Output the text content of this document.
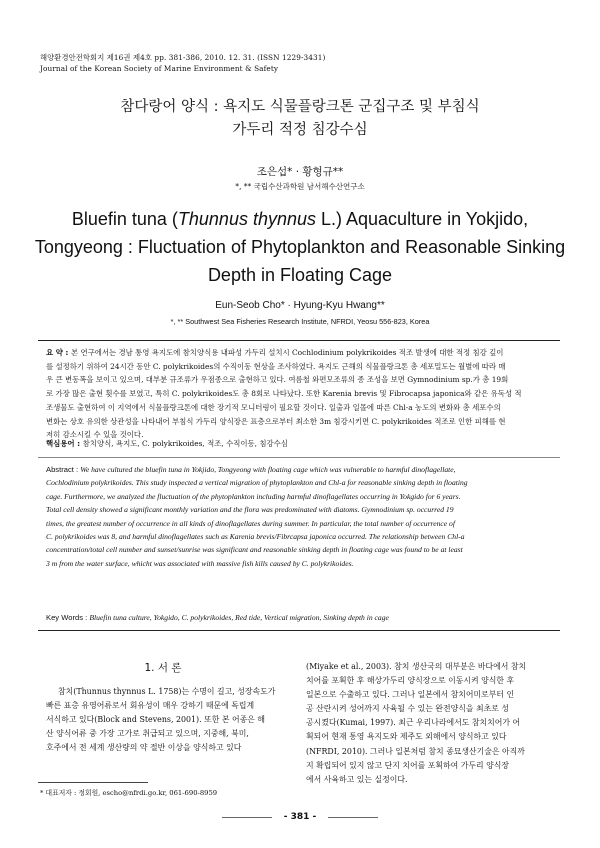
해양환경안전학회지 제16권 제4호 pp. 381-386, 2010. 12. 31. (ISSN 1229-3431)
Journal of the Korean Society of Marine Environment & Safety
참다랑어 양식 : 욕지도 식물플랑크톤 군집구조 및 부침식
가두리 적정 침강수심
조은섭* · 황형규**
*, ** 국립수산과학원 남서해수산연구소
Bluefin tuna (Thunnus thynnus L.) Aquaculture in Yokjido,
Tongyeong : Fluctuation of Phytoplankton and Reasonable Sinking
Depth in Floating Cage
Eun-Seob Cho* · Hyung-Kyu Hwang**
*, ** Southwest Sea Fisheries Research Institute, NFRDI, Yeosu 556-823, Korea
요 약 : 본 연구에서는 경남 통영 욕지도에 참치양식용 내파성 가두리 설치시 Cochlodinium polykrikoides 적조 발생에 대한 적정 침강 깊이
를 설정하기 위하여 24시간 동안 C. polykrikoides의 수직이동 현상을 조사하였다. 욕지도 근해의 식물플랑크톤 총 세포밀도는 월별에 따라 매
우 큰 변동폭을 보이고 있으며, 대부분 규조류가 우점종으로 출현하고 있다. 여름철 와편모조류의 종 조성을 보면 Gymnodinium sp.가 총 19회
로 가장 많은 출현 횟수를 보였고, 특히 C. polykrikoides도 총 8회로 나타났다. 또한 Karenia brevis 및 Fibrocapsa japonica와 같은 유독성 적
조생물도 출현하여 이 지역에서 식물플랑크톤에 대한 장기적 모니터링이 필요할 것이다. 일출과 일몰에 따른 Chl-a 농도의 변화와 총 세포수의
변화는 상호 유의한 상관성을 나타내어 부침식 가두리 양식장은 표층으로부터 최소한 3m 침강시키면 C. polykrikoides 적조로 인한 피해를 현
저히 감소시킬 수 있을 것이다.
핵심용어 : 참치양식, 욕지도, C. polykrikoides, 적조, 수직이동, 침강수심
Abstract : We have cultured the bluefin tuna in Yokjido, Tongyeong with floating cage which was vulnerable to harmful dinoflagellate,
Cochlodinium polykrikoides. This study inspected a vertical migration of phytoplankton and Chl-a for reasonable sinking depth in floating
cage. Furthermore, we analyzed the fluctuation of the phytoplankton including harmful dinoflagellates occurring in Yokgido for 6 years.
Total cell density showed a significant monthly variation and the flora was predominated with diatoms. Gymnodinium sp. occurred 19
times, the greatest number of occurrence in all kinds of dinoflagellates during summer. In particular, the total number of occurrence of
C. polykrikoides was 8, and harmful dinoflagellates such as Karenia brevis/Fibrcapsa japonica occurred. The relationship between Chl-a
concentration/total cell number and sunset/sunrise was significant and reasonable sinking depth in floating cage was found to be at least
3 m from the water surface, whicht was associated with massive fish kills caused by C. polykrikoides.
Key Words : Bluefin tuna culture, Yokgido, C. polykrikoides, Red tide, Vertical migration, Sinking depth in cage
1. 서 론
참치(Thunnus thynnus L. 1758)는 수명이 길고, 성장속도가
빠른 표층 유영어류로서 회유성이 매우 강하기 때문에 독립계
서식하고 있다(Block and Stevens, 2001). 또한 본 어종은 해
산 양식어류 중 가장 고가로 취급되고 있으며, 지중해, 북미,
호주에서 전 세계 생산량의 약 절반 이상을 양식하고 있다
(Miyake et al., 2003). 참치 생산국의 대부분은 바다에서 참치
치어를 포획한 후 해상가두리 양식장으로 이동시켜 양식한 후
일본으로 수출하고 있다. 그러나 일본에서 참치어미로부터 인
공 산란시켜 성어까지 사육될 수 있는 완전양식을 최초로 성
공시켰다(Kumai, 1997). 최근 우리나라에서도 참치치어가 어
획되어 현재 통영 욕지도와 제주도 외해에서 양식하고 있다
(NFRDI, 2010). 그러나 일본처럼 참치 종묘생산기술은 아직까
지 확립되어 있지 않고 단지 치어를 포획하여 가두리 양식장
에서 사육하고 있는 실정이다.
* 대표저자 : 정회원, escho@nfrdi.go.kr, 061-690-8959
- 381 -
